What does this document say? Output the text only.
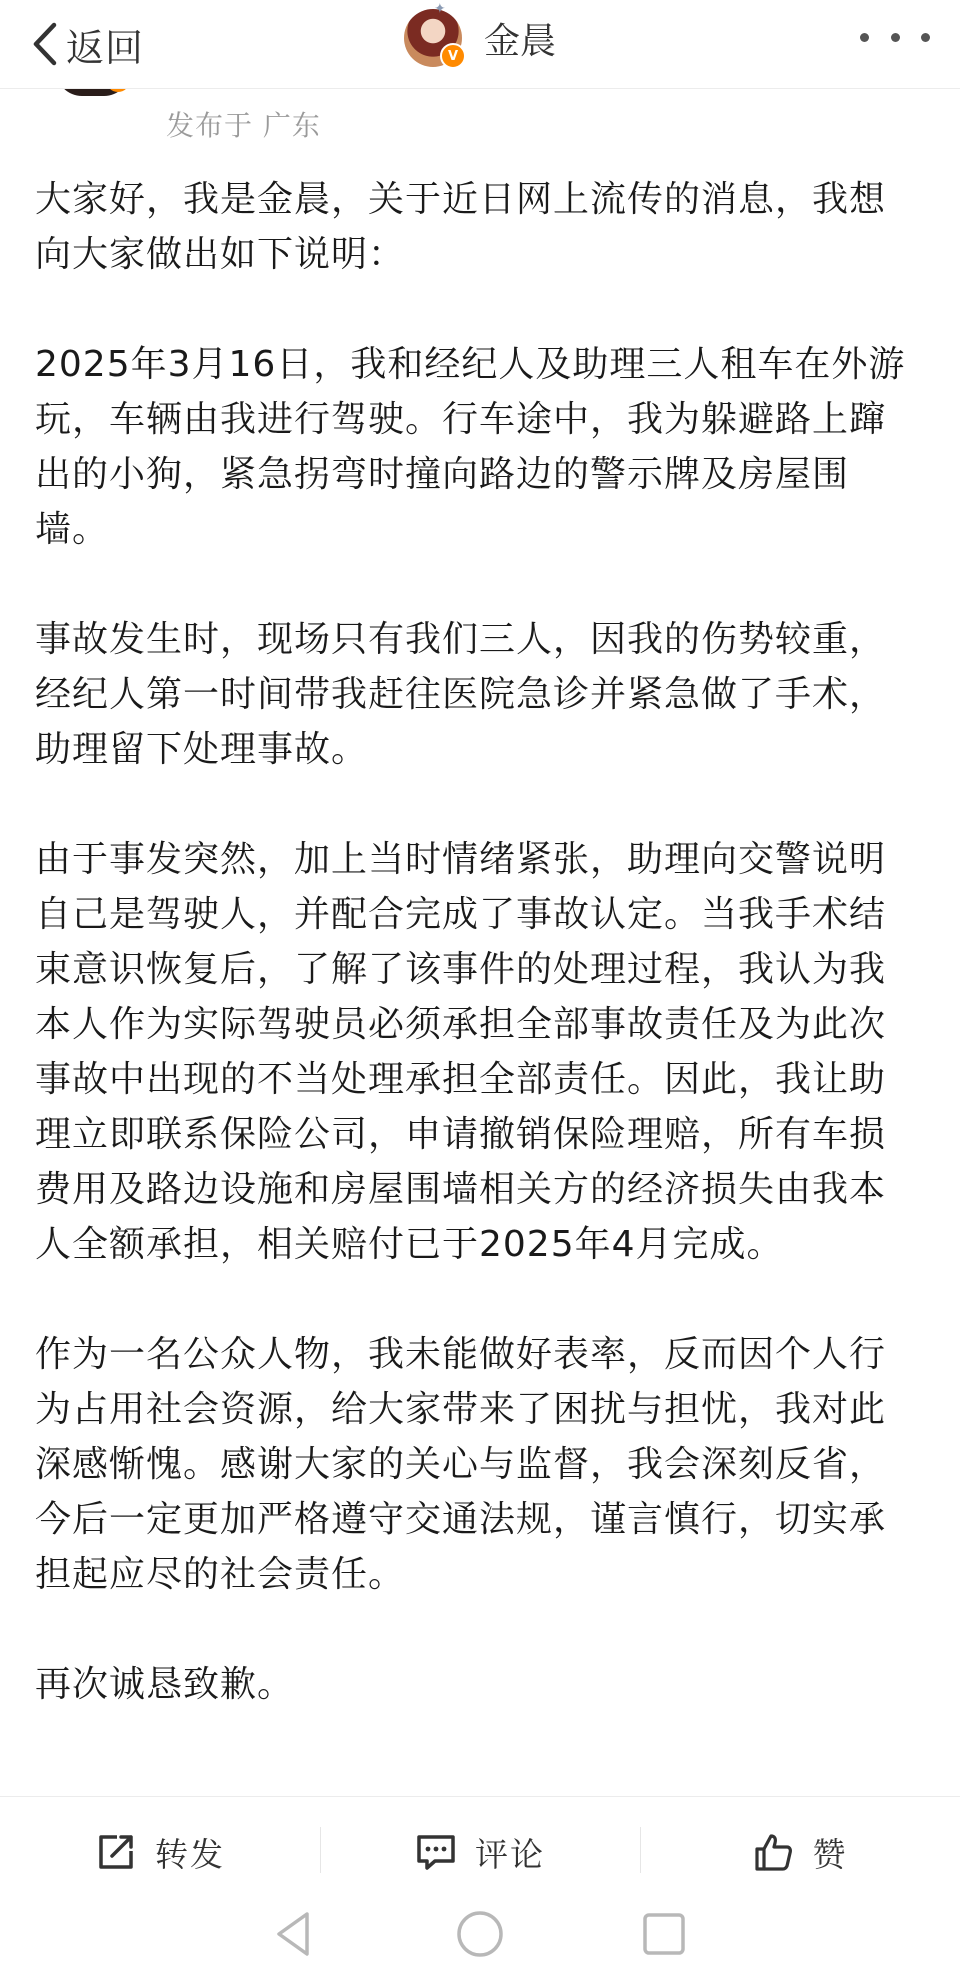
发布于 广东
返回
✦
V 金晨

大家好，我是金晨，关于近日网上流传的消息，我想向大家做出如下说明：

2025年3月16日，我和经纪人及助理三人租车在外游玩，车辆由我进行驾驶。行车途中，我为躲避路上蹿出的小狗，紧急拐弯时撞向路边的警示牌及房屋围墙。

事故发生时，现场只有我们三人，因我的伤势较重，经纪人第一时间带我赶往医院急诊并紧急做了手术，助理留下处理事故。

由于事发突然，加上当时情绪紧张，助理向交警说明自己是驾驶人，并配合完成了事故认定。当我手术结束意识恢复后，了解了该事件的处理过程，我认为我本人作为实际驾驶员必须承担全部事故责任及为此次事故中出现的不当处理承担全部责任。因此，我让助理立即联系保险公司，申请撤销保险理赔，所有车损费用及路边设施和房屋围墙相关方的经济损失由我本人全额承担，相关赔付已于2025年4月完成。

作为一名公众人物，我未能做好表率，反而因个人行为占用社会资源，给大家带来了困扰与担忧，我对此深感惭愧。感谢大家的关心与监督，我会深刻反省，今后一定更加严格遵守交通法规，谨言慎行，切实承担起应尽的社会责任。

再次诚恳致歉。

转发	评论	赞
